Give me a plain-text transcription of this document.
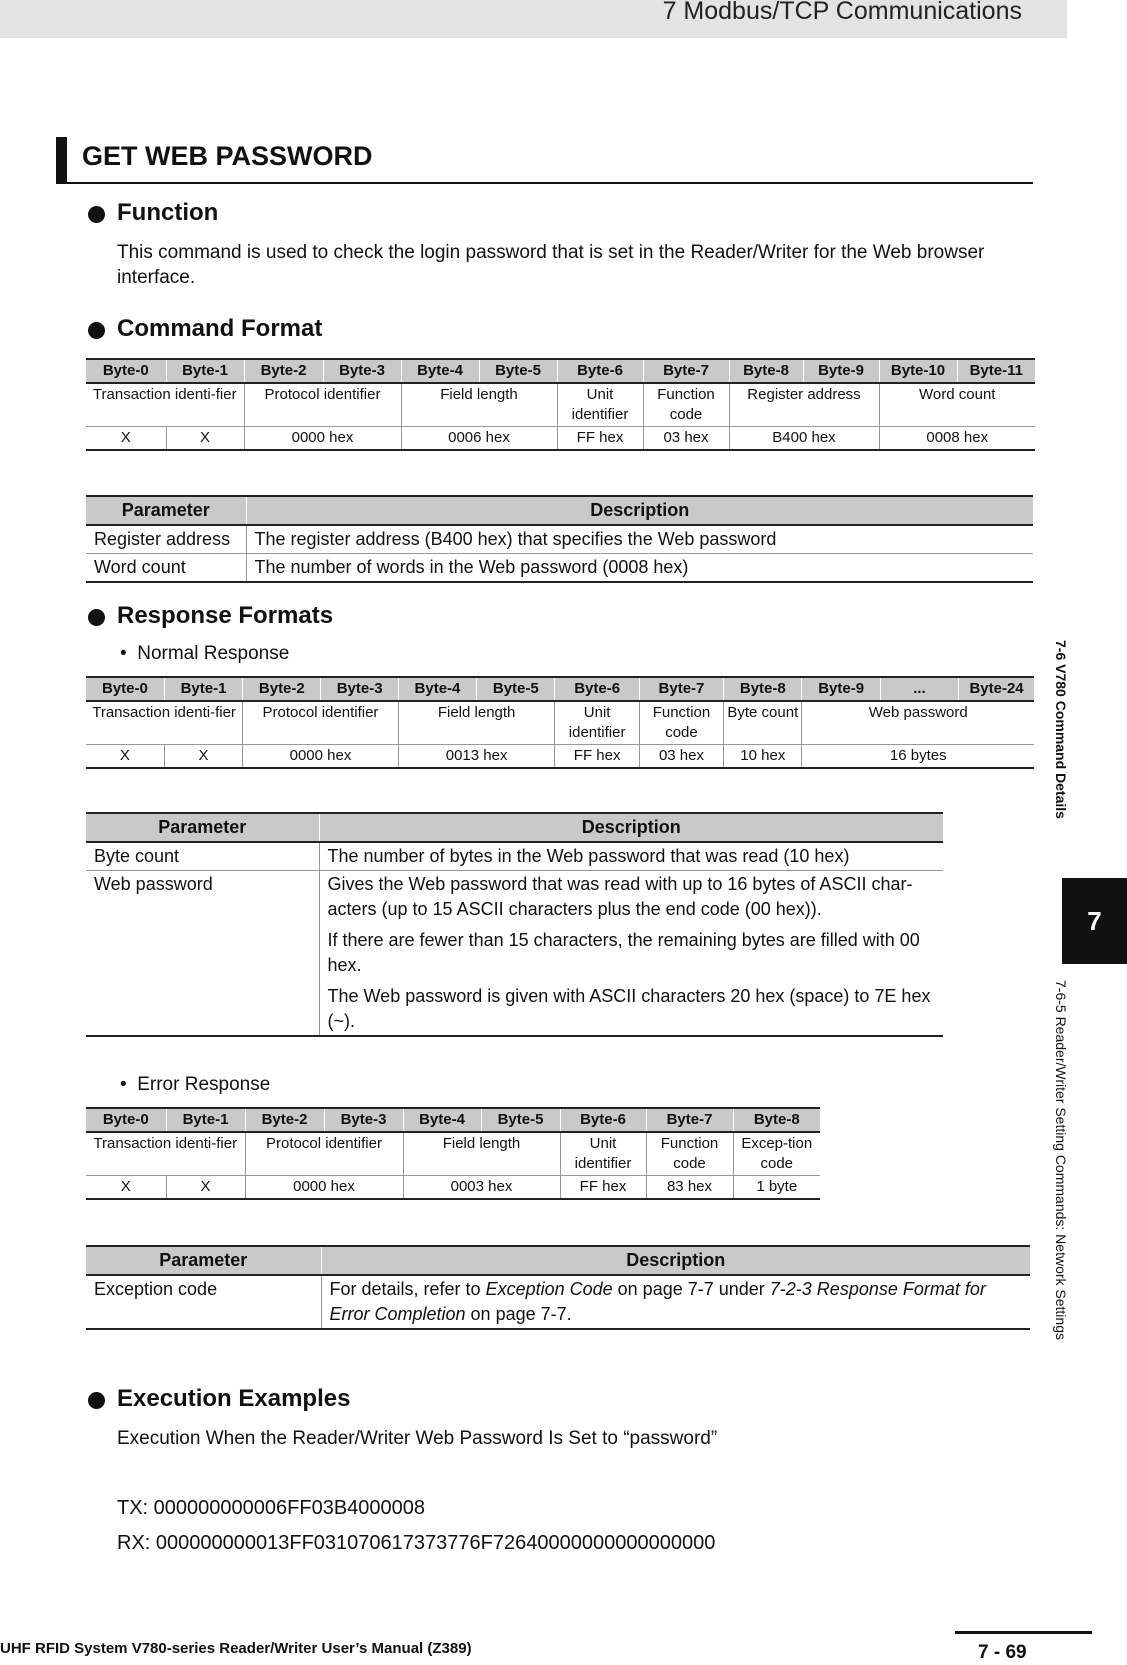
7 Modbus/TCP Communications
GET WEB PASSWORD
Function
This command is used to check the login password that is set in the Reader/Writer for the Web browser interface.
Command Format
Byte-0	Byte-1	Byte-2	Byte-3	Byte-4	Byte-5	Byte-6	Byte-7	Byte-8	Byte-9	Byte-10	Byte-11
Transaction identi-fier		Protocol identifier		Field length		Unit identifier	Function code	Register address		Word count	
X	X	0000 hex		0006 hex		FF hex	03 hex	B400 hex		0008 hex	
Parameter	Description
Register address	The register address (B400 hex) that specifies the Web password
Word count	The number of words in the Web password (0008 hex)
Response Formats
•  Normal Response
Byte-0	Byte-1	Byte-2	Byte-3	Byte-4	Byte-5	Byte-6	Byte-7	Byte-8	Byte-9	...	Byte-24
Transaction identi-fier		Protocol identifier		Field length		Unit identifier	Function code	Byte count	Web password		
X	X	0000 hex		0013 hex		FF hex	03 hex	10 hex	16 bytes		
Parameter	Description
Byte count	The number of bytes in the Web password that was read (10 hex)
Web password	Gives the Web password that was read with up to 16 bytes of ASCII char-acters (up to 15 ASCII characters plus the end code (00 hex)).
If there are fewer than 15 characters, the remaining bytes are filled with 00 hex.
The Web password is given with ASCII characters 20 hex (space) to 7E hex (~).
•  Error Response
Byte-0	Byte-1	Byte-2	Byte-3	Byte-4	Byte-5	Byte-6	Byte-7	Byte-8
Transaction identi-fier		Protocol identifier		Field length		Unit identifier	Function code	Excep-tion code
X	X	0000 hex		0003 hex		FF hex	83 hex	1 byte
Parameter	Description
Exception code	For details, refer to Exception Code on page 7-7 under 7-2-3 Response Format for Error Completion on page 7-7.
Execution Examples
Execution When the Reader/Writer Web Password Is Set to “password”
TX: 000000000006FF03B4000008
RX: 000000000013FF031070617373776F72640000000000000000
7-6 V780 Command Details
7
7-6-5 Reader/Writer Setting Commands: Network Settings
UHF RFID System V780-series Reader/Writer User’s Manual (Z389)	7 - 69
